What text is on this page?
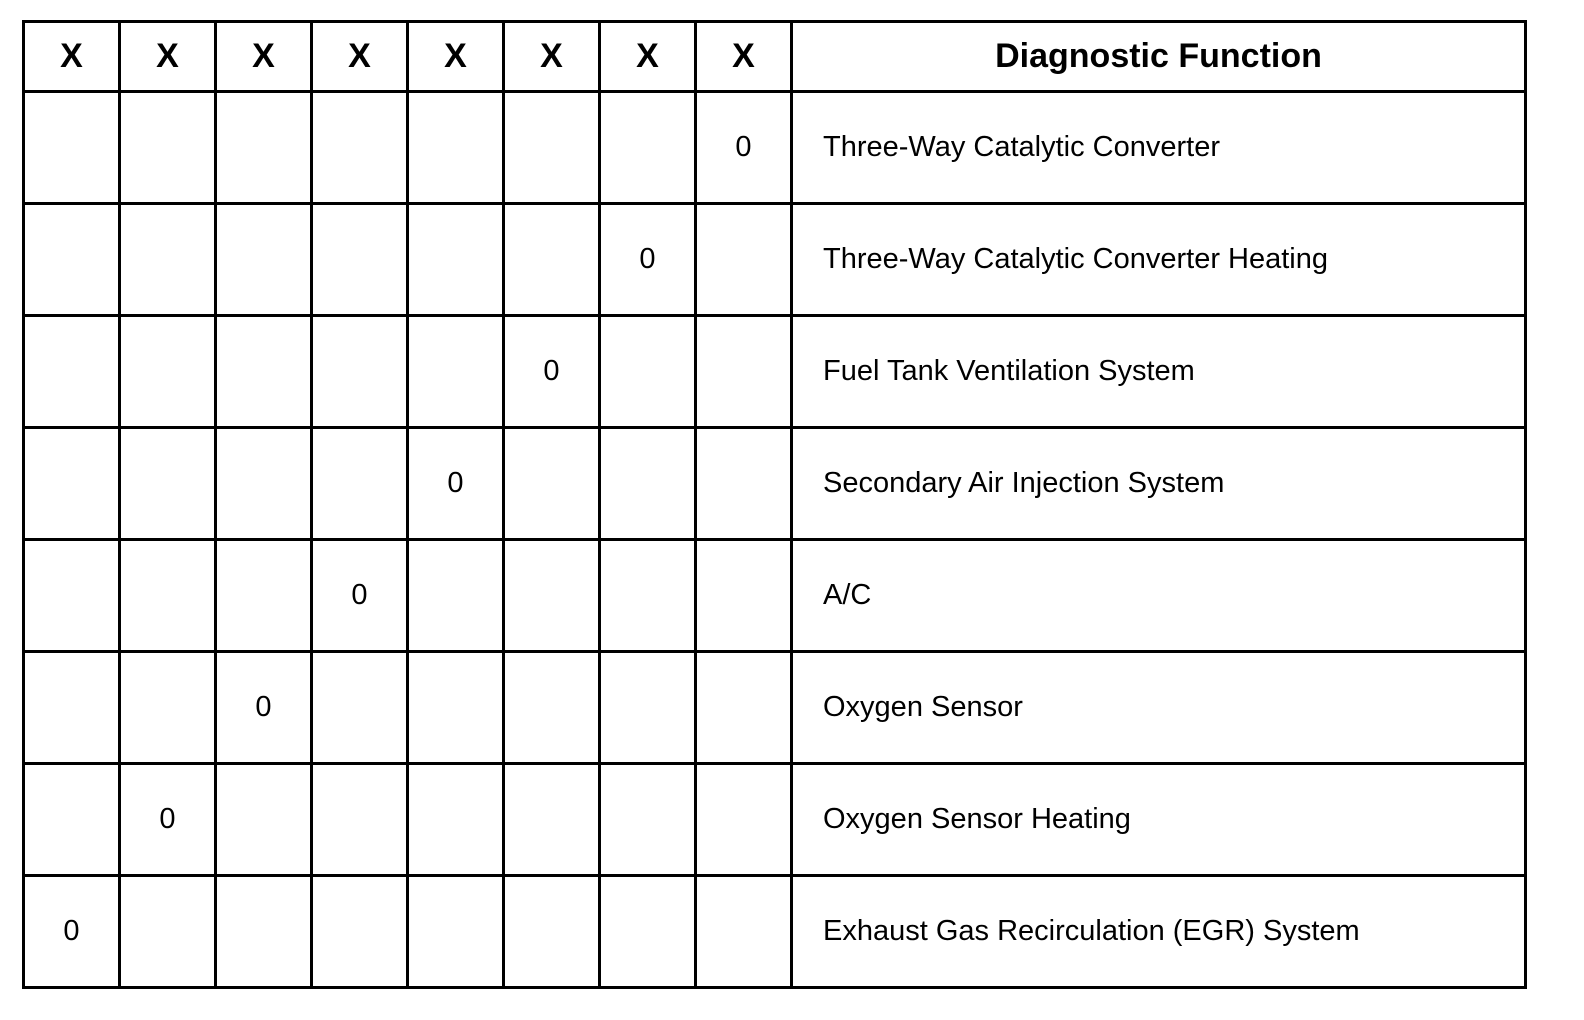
X	X	X	X	X	X	X	X	Diagnostic Function
							0	Three-Way Catalytic Converter
						0		Three-Way Catalytic Converter Heating
					0			Fuel Tank Ventilation System
				0				Secondary Air Injection System
			0					A/C
		0						Oxygen Sensor
	0							Oxygen Sensor Heating
0								Exhaust Gas Recirculation (EGR) System
